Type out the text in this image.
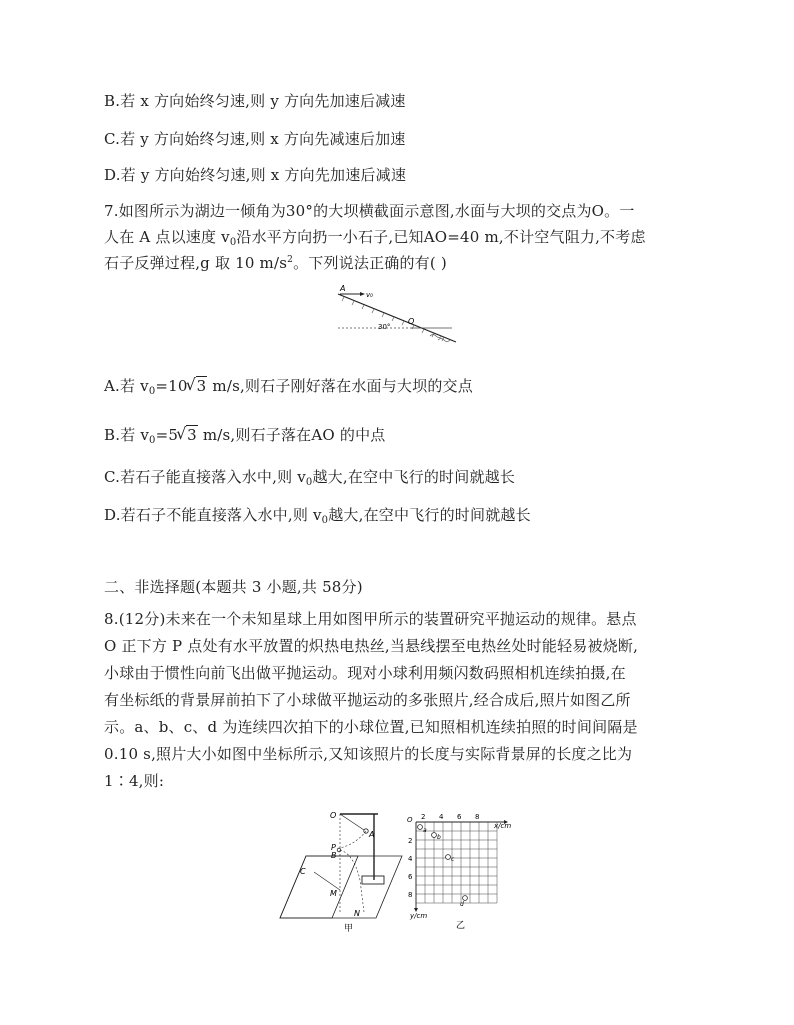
B.若 x 方向始终匀速,则 y 方向先加速后减速
C.若 y 方向始终匀速,则 x 方向先减速后加速
D.若 y 方向始终匀速,则 x 方向先加速后减速
7.如图所示为湖边一倾角为30°的大坝横截面示意图,水面与大坝的交点为O。一
人在 A 点以速度 $v_0$沿水平方向扔一小石子,已知AO=40 m,不计空气阻力,不考虑
石子反弹过程,g 取 10 $m/s^2$。下列说法正确的有( )
A
v₀
O
30°
A.若 $v_0=10√$ 3 m/s,则石子刚好落在水面与大坝的交点
B.若 $v_0=5√$ 3 m/s,则石子落在AO 的中点
C.若石子能直接落入水中,则 $v_0$越大,在空中飞行的时间就越长
D.若石子不能直接落入水中,则 $v_0$越大,在空中飞行的时间就越长
二、非选择题(本题共 3 小题,共 58分)
8.(12分)未来在一个未知星球上用如图甲所示的装置研究平抛运动的规律。悬点
O 正下方 P 点处有水平放置的炽热电热丝,当悬线摆至电热丝处时能轻易被烧断,
小球由于惯性向前飞出做平抛运动。现对小球利用频闪数码照相机连续拍摄,在
有坐标纸的背景屏前拍下了小球做平抛运动的多张照片,经合成后,照片如图乙所
示。a、b、c、d 为连续四次拍下的小球位置,已知照相机连续拍照的时间间隔是
0.10 s,照片大小如图中坐标所示,又知该照片的长度与实际背景屏的长度之比为
1∶4,则:
O
A
P
B
C
M
N
甲
O 2 4 6 8
x/cm
2
4
6
8
y/cm
a
b
c
d
乙
